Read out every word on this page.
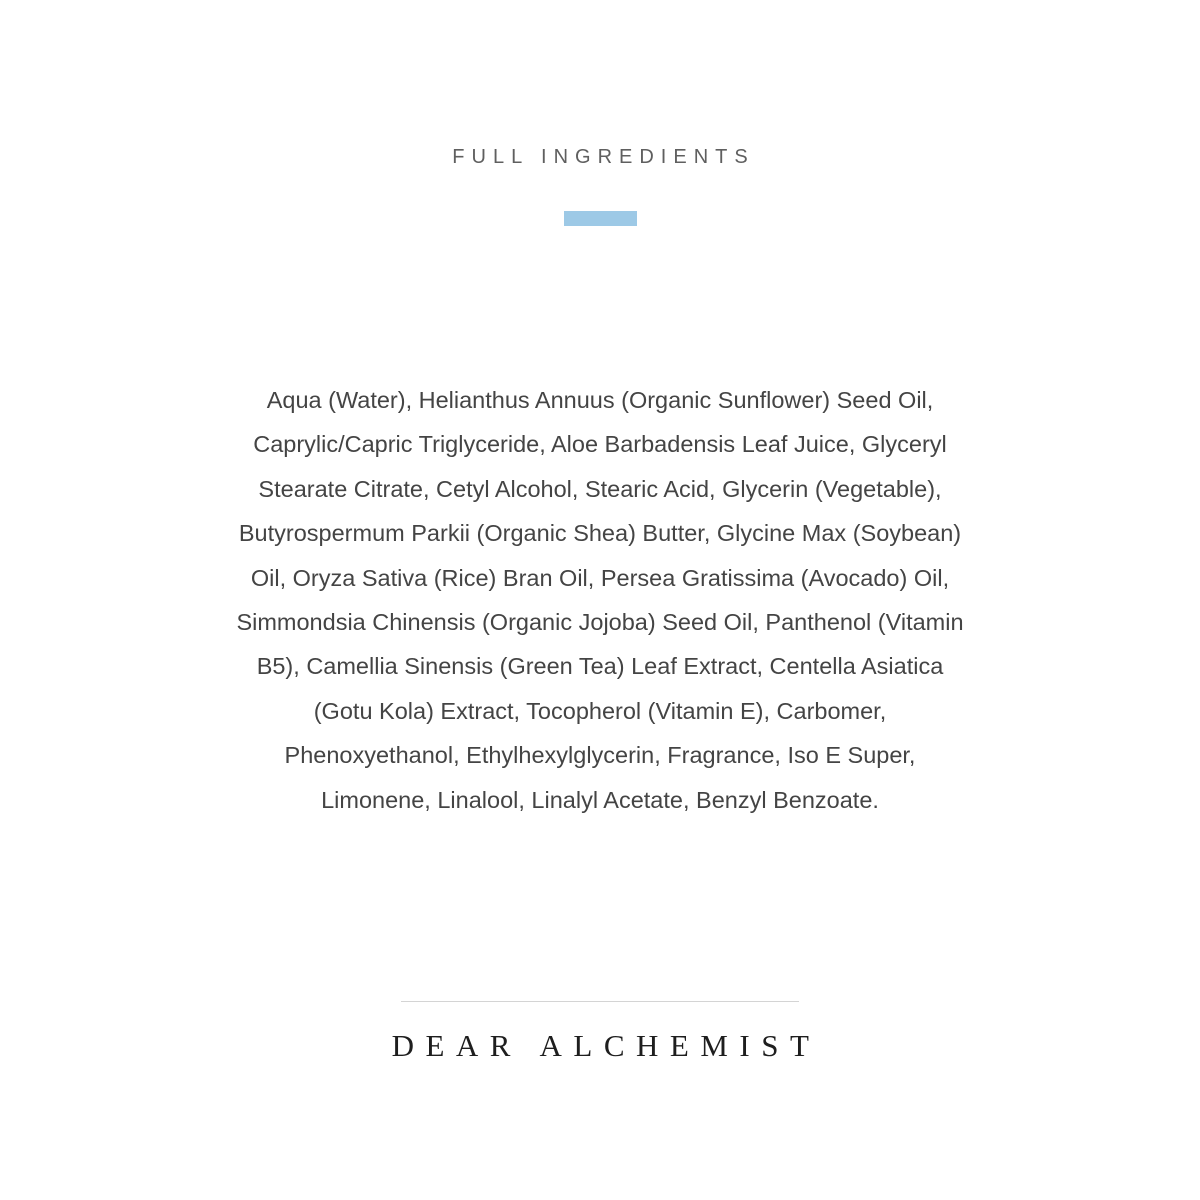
FULL INGREDIENTS

Aqua (Water), Helianthus Annuus (Organic Sunflower) Seed Oil, Caprylic/Capric Triglyceride, Aloe Barbadensis Leaf Juice, Glyceryl Stearate Citrate, Cetyl Alcohol, Stearic Acid, Glycerin (Vegetable), Butyrospermum Parkii (Organic Shea) Butter, Glycine Max (Soybean) Oil, Oryza Sativa (Rice) Bran Oil, Persea Gratissima (Avocado) Oil, Simmondsia Chinensis (Organic Jojoba) Seed Oil, Panthenol (Vitamin B5), Camellia Sinensis (Green Tea) Leaf Extract, Centella Asiatica (Gotu Kola) Extract, Tocopherol (Vitamin E), Carbomer, Phenoxyethanol, Ethylhexylglycerin, Fragrance, Iso E Super, Limonene, Linalool, Linalyl Acetate, Benzyl Benzoate.

DEAR ALCHEMIST
